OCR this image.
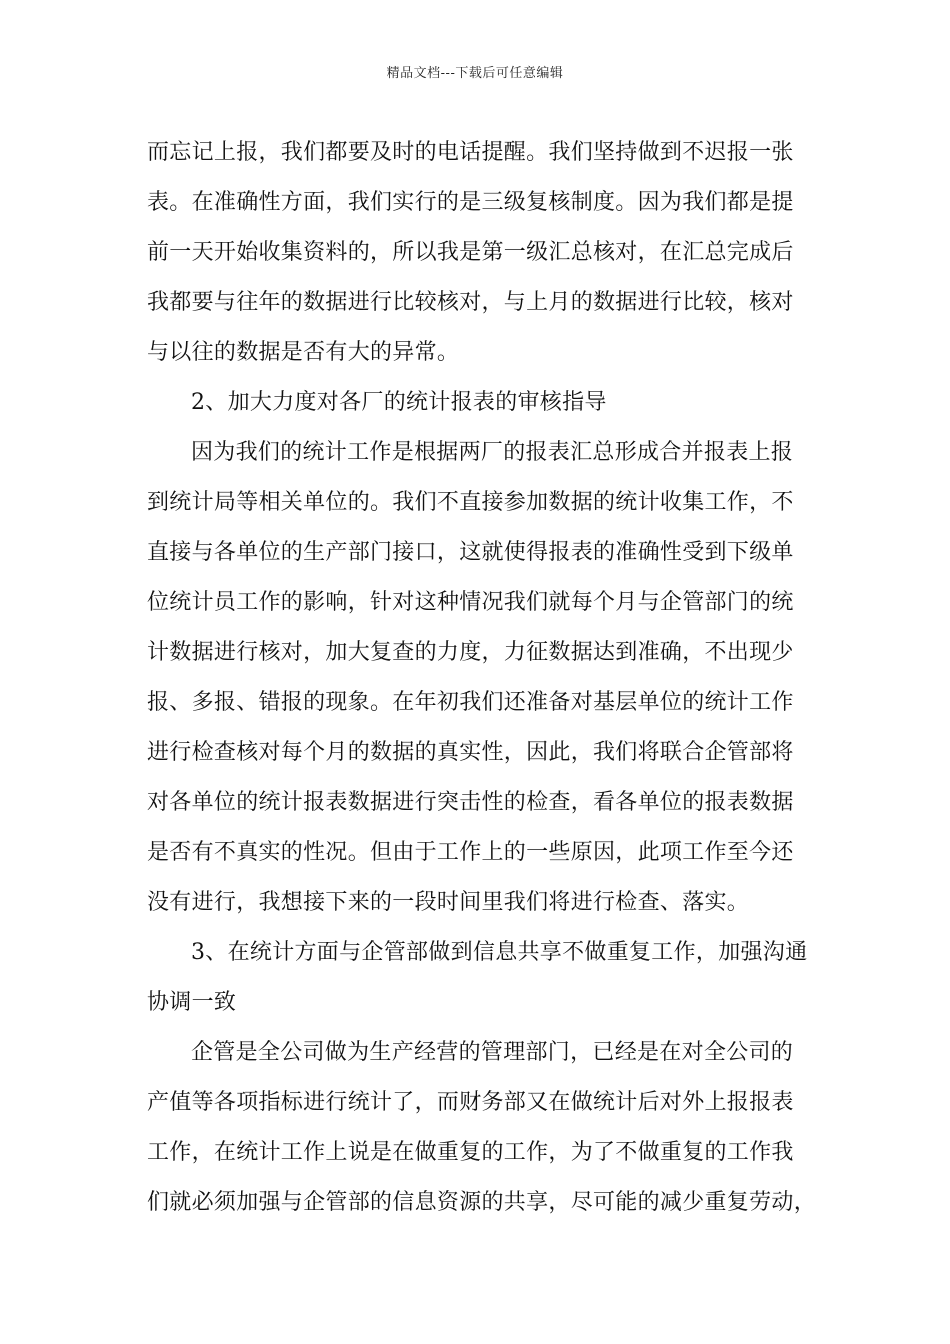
精品文档---下载后可任意编辑
而忘记上报，我们都要及时的电话提醒。我们坚持做到不迟报一张
表。在准确性方面，我们实行的是三级复核制度。因为我们都是提
前一天开始收集资料的，所以我是第一级汇总核对，在汇总完成后
我都要与往年的数据进行比较核对，与上月的数据进行比较，核对
与以往的数据是否有大的异常。
2、加大力度对各厂的统计报表的审核指导
因为我们的统计工作是根据两厂的报表汇总形成合并报表上报
到统计局等相关单位的。我们不直接参加数据的统计收集工作，不
直接与各单位的生产部门接口，这就使得报表的准确性受到下级单
位统计员工作的影响，针对这种情况我们就每个月与企管部门的统
计数据进行核对，加大复查的力度，力征数据达到准确，不出现少
报、多报、错报的现象。在年初我们还准备对基层单位的统计工作
进行检查核对每个月的数据的真实性，因此，我们将联合企管部将
对各单位的统计报表数据进行突击性的检查，看各单位的报表数据
是否有不真实的性况。但由于工作上的一些原因，此项工作至今还
没有进行，我想接下来的一段时间里我们将进行检查、落实。
3、在统计方面与企管部做到信息共享不做重复工作，加强沟通
协调一致
企管是全公司做为生产经营的管理部门，已经是在对全公司的
产值等各项指标进行统计了，而财务部又在做统计后对外上报报表
工作，在统计工作上说是在做重复的工作，为了不做重复的工作我
们就必须加强与企管部的信息资源的共享，尽可能的减少重复劳动，
